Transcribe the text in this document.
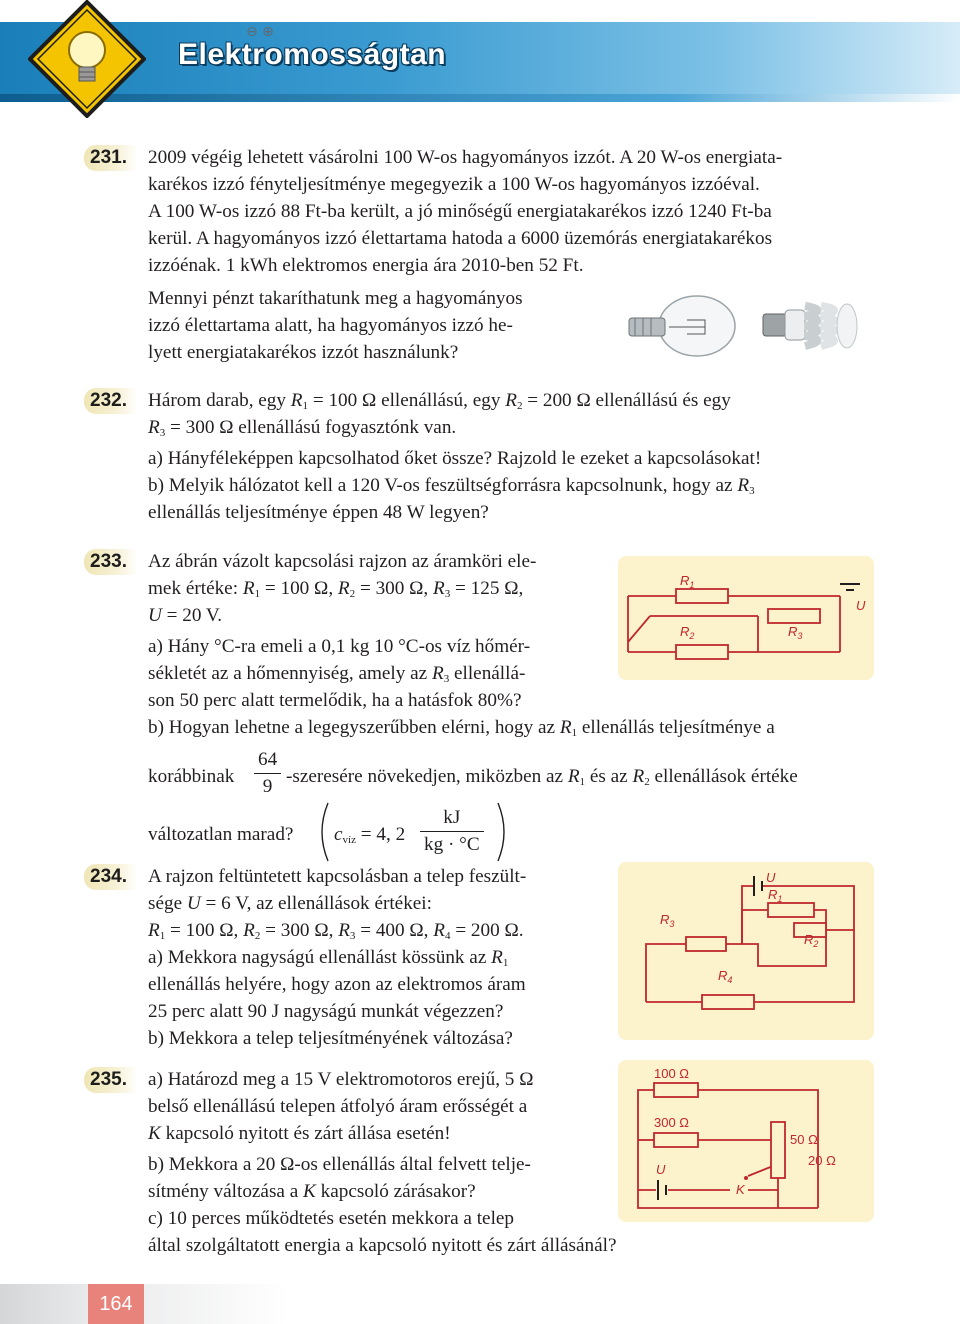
⊖ ⊕
Elektromosságtan
231.	2009 végéig lehetett vásárolni 100 W-os hagyományos izzót. A 20 W-os energiata-
karékos izzó fényteljesítménye megegyezik a 100 W-os hagyományos izzóéval.
A 100 W-os izzó 88 Ft-ba került, a jó minőségű energiatakarékos izzó 1240 Ft-ba
kerül. A hagyományos izzó élettartama hatoda a 6000 üzemórás energiatakarékos
izzóénak. 1 kWh elektromos energia ára 2010-ben 52 Ft.
Mennyi pénzt takaríthatunk meg a hagyományos
izzó élettartama alatt, ha hagyományos izzó he-
lyett energiatakarékos izzót használunk?
232.	Három darab, egy $R_1 = 100$ Ω ellenállású, egy $R_2 = 200$ Ω ellenállású és egy
$R_3 = 300$ Ω ellenállású fogyasztónk van.
a) Hányféleképpen kapcsolhatod őket össze? Rajzold le ezeket a kapcsolásokat!
b) Melyik hálózatot kell a 120 V-os feszültségforrásra kapcsolnunk, hogy az $R_3$
ellenállás teljesítménye éppen 48 W legyen?
233.	Az ábrán vázolt kapcsolási rajzon az áramköri ele-
mek értéke: $R_1 = 100$ Ω, $R_2 = 300$ Ω, $R_3 = 125$ Ω,
U = 20 V.
a) Hány °C-ra emeli a 0,1 kg 10 °C-os víz hőmér-
sékletét az a hőmennyiség, amely az $R_3$ ellenállá-
son 50 perc alatt termelődik, ha a hatásfok 80%?
b) Hogyan lehetne a legegyszerűbben elérni, hogy az $R_1$ ellenállás teljesítménye a
korábbinak $\frac{64}{9}$ -szeresére növekedjen, miközben az $R_1$ és az $R_2$ ellenállások értéke
változatlan marad? $c_{víz} = 4$, $2 \frac{kJ}{kg \cdot ^\circ C}$
$R_1$
$R_2$	$R_3$
U
234.	A rajzon feltüntetett kapcsolásban a telep feszült-
sége U = 6 V, az ellenállások értékei:
$R_1 = 100$ Ω, $R_2 = 300$ Ω, $R_3 = 400$ Ω, $R_4 = 200$ Ω.
a) Mekkora nagyságú ellenállást kössünk az $R_1$
ellenállás helyére, hogy azon az elektromos áram
25 perc alatt 90 J nagyságú munkát végezzen?
b) Mekkora a telep teljesítményének változása?
U
$R_1$
$R_2$
$R_3$
$R_4$
235.	a) Határozd meg a 15 V elektromotoros erejű, 5 Ω
belső ellenállású telepen átfolyó áram erősségét a
K kapcsoló nyitott és zárt állása esetén!
b) Mekkora a 20 Ω-os ellenállás által felvett telje-
sítmény változása a K kapcsoló zárásakor?
c) 10 perces működtetés esetén mekkora a telep
által szolgáltatott energia a kapcsoló nyitott és zárt állásánál?
100 Ω
300 Ω
50 Ω
20 Ω
U
K
164
